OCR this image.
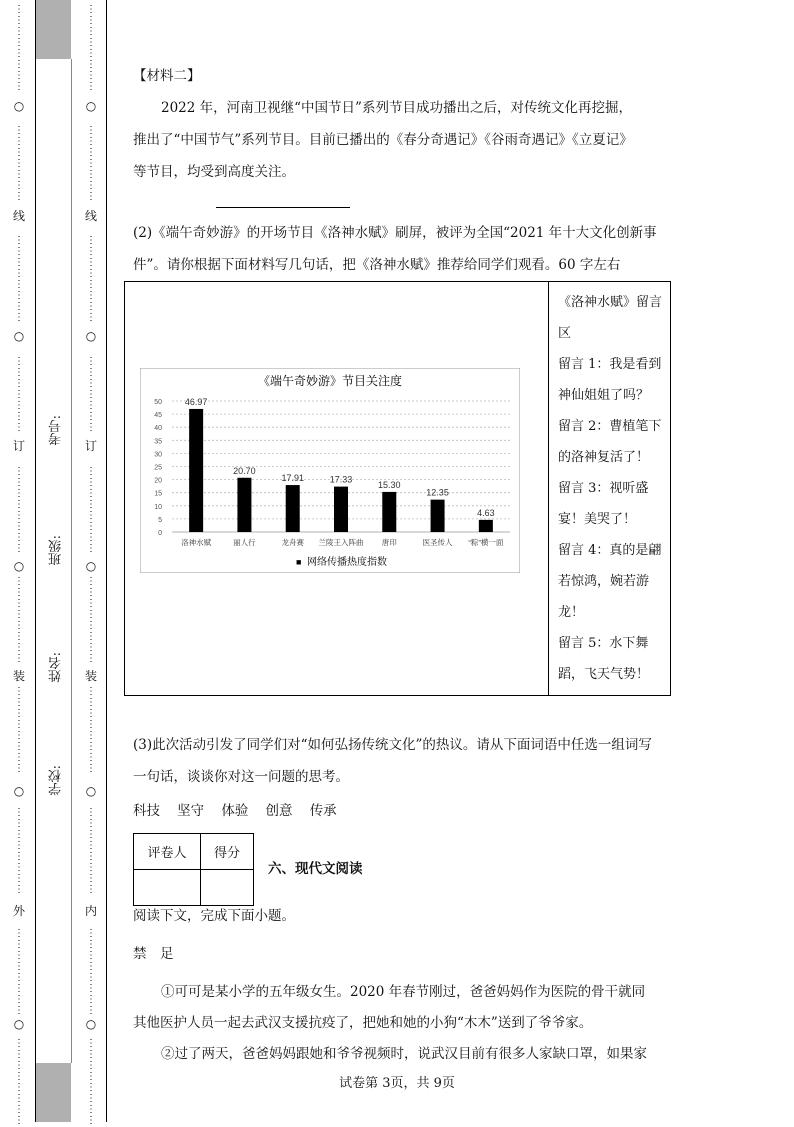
○
线
○
订
○
装
○
外
○
⋮
⋮
⋮
⋮
⋮
⋮
⋮
⋮
⋮
⋮
⋮
⋮
⋮
⋮
⋮
⋮
⋮
⋮
⋮
⋮
⋮
⋮
⋮
⋮
⋮
⋮
⋮
⋮
⋮
⋮
⋮
⋮
⋮
⋮
⋮
⋮
⋮
⋮
⋮
⋮
⋮
⋮
⋮
⋮
⋮
⋮
⋮
⋮
⋮
⋮
⋮
⋮
⋮
⋮
⋮
⋮
⋮
⋮
⋮
⋮
⋮
⋮
⋮
⋮
⋮
⋮
⋮
⋮
⋮
⋮
⋮
⋮
⋮
⋮
⋮
⋮
⋮
⋮
○
线
○
订
○
装
○
内
○
⋮
⋮
⋮
⋮
⋮
⋮
⋮
⋮
⋮
⋮
⋮
⋮
⋮
⋮
⋮
⋮
⋮
⋮
⋮
⋮
⋮
⋮
⋮
⋮
⋮
⋮
⋮
⋮
⋮
⋮
⋮
⋮
⋮
⋮
⋮
⋮
⋮
⋮
⋮
⋮
⋮
⋮
⋮
⋮
⋮
⋮
⋮
⋮
⋮
⋮
⋮
⋮
⋮
⋮
⋮
⋮
⋮
⋮
⋮
⋮
⋮
⋮
⋮
⋮
⋮
⋮
⋮
⋮
⋮
⋮
⋮
⋮
⋮
⋮
⋮
⋮
⋮
⋮
考号:
班级:
姓名:
学校:
【材料二】
2022 年，河南卫视继“中国节日”系列节目成功播出之后，对传统文化再挖掘，
推出了“中国节气”系列节目。目前已播出的《春分奇遇记》《谷雨奇遇记》《立夏记》
等节目，均受到高度关注。
(2)《端午奇妙游》的开场节目《洛神水赋》刷屏，被评为全国“2021 年十大文化创新事
件”。请你根据下面材料写几句话，把《洛神水赋》推荐给同学们观看。60 字左右
《端午奇妙游》节目关注度
0
5
10
15
20
25
30
35
40
45
50	46.97
20.70
17.91	17.33
15.30
12.35
4.63
洛神水赋	丽人行	龙舟赛 兰陵王入阵曲 唐印	医圣传人 “粽”横一面
■ 网络传播热度指数
《洛神水赋》留言
区
留言 1：我是看到
神仙姐姐了吗？
留言 2：曹植笔下
的洛神复活了！
留言 3：视听盛
宴！美哭了！
留言 4：真的是翩
若惊鸿，婉若游
龙！
留言 5：水下舞
蹈，飞天气势！
(3)此次活动引发了同学们对“如何弘扬传统文化”的热议。请从下面词语中任选一组词写
一句话，谈谈你对这一问题的思考。
科技 坚守 体验 创意 传承
评卷人	得分

六、现代文阅读
阅读下文，完成下面小题。
禁　足
①可可是某小学的五年级女生。2020 年春节刚过，爸爸妈妈作为医院的骨干就同
其他医护人员一起去武汉支援抗疫了，把她和她的小狗“木木”送到了爷爷家。
②过了两天，爸爸妈妈跟她和爷爷视频时，说武汉目前有很多人家缺口罩，如果家
试卷第 3页，共 9页
